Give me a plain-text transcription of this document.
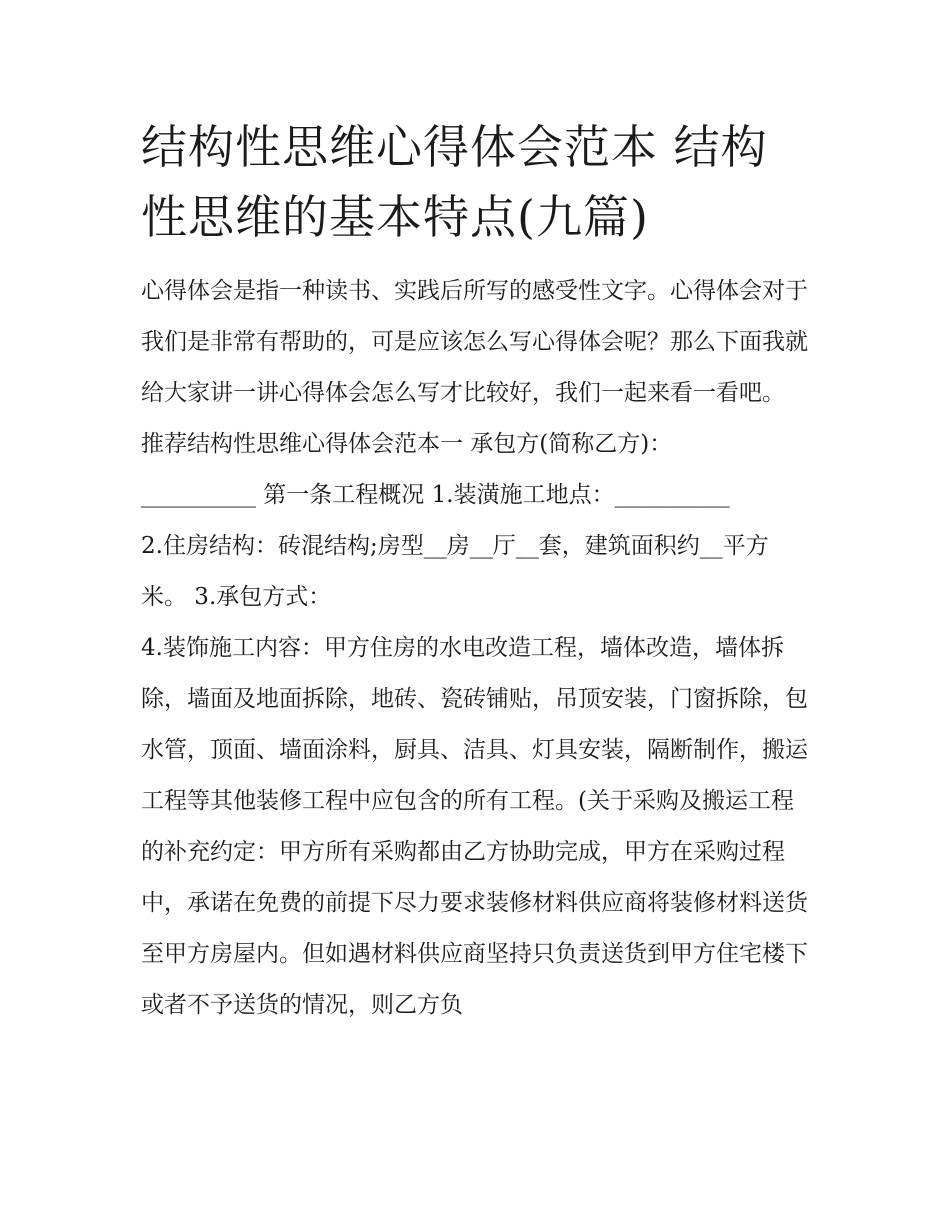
结构性思维心得体会范本 结构性思维的基本特点(九篇)

心得体会是指一种读书、实践后所写的感受性文字。心得体会对于我们是非常有帮助的，可是应该怎么写心得体会呢？那么下面我就给大家讲一讲心得体会怎么写才比较好，我们一起来看一看吧。

推荐结构性思维心得体会范本一 承包方(简称乙方)：

__________ 第一条工程概况 1.装潢施工地点：__________

2.住房结构：砖混结构;房型__房__厅__套，建筑面积约__平方米。 3.承包方式：

4.装饰施工内容：甲方住房的水电改造工程，墙体改造，墙体拆除，墙面及地面拆除，地砖、瓷砖铺贴，吊顶安装，门窗拆除，包水管，顶面、墙面涂料，厨具、洁具、灯具安装，隔断制作，搬运工程等其他装修工程中应包含的所有工程。(关于采购及搬运工程的补充约定：甲方所有采购都由乙方协助完成，甲方在采购过程中，承诺在免费的前提下尽力要求装修材料供应商将装修材料送货至甲方房屋内。但如遇材料供应商坚持只负责送货到甲方住宅楼下或者不予送货的情况，则乙方负
